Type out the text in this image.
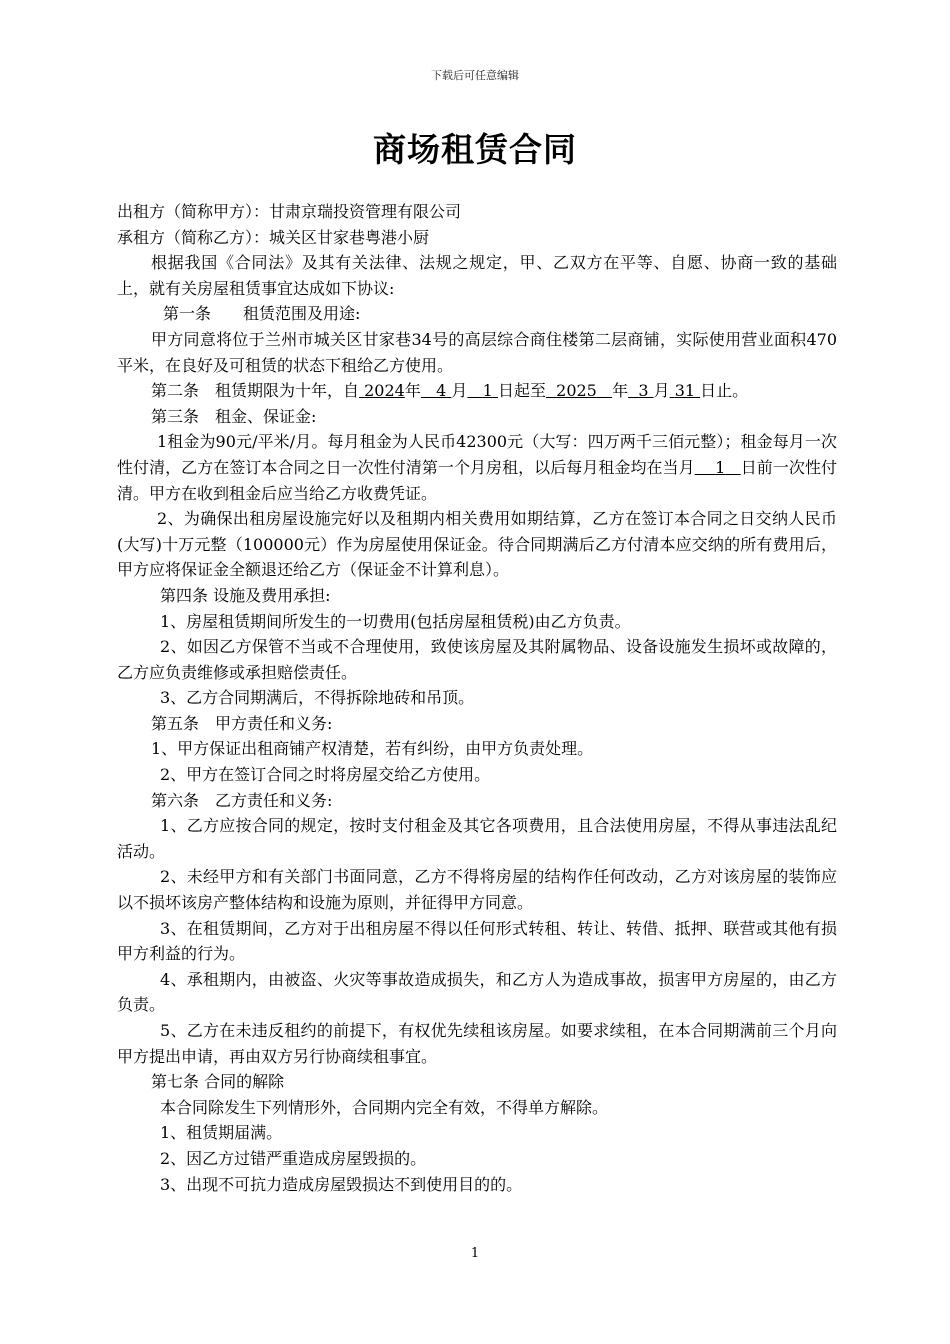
下载后可任意编辑
商场租赁合同

出租方（简称甲方）：甘肃京瑞投资管理有限公司

承租方（简称乙方）：城关区甘家巷粤港小厨

根据我国《合同法》及其有关法律、法规之规定，甲、乙双方在平等、自愿、协商一致的基础上，就有关房屋租赁事宜达成如下协议:

第一条　　租赁范围及用途:

甲方同意将位于兰州市城关区甘家巷34号的高层综合商住楼第二层商铺，实际使用营业面积470平米，在良好及可租赁的状态下租给乙方使用。

第二条　租赁期限为十年，自 2024年 4 月 1 日起至 2025 年 3 月 31 日止。

第三条　租金、保证金:

1租金为90元/平米/月。每月租金为人民币42300元（大写：四万两千三佰元整）；租金每月一次性付清，乙方在签订本合同之日一次性付清第一个月房租，以后每月租金均在当月 1 日前一次性付清。甲方在收到租金后应当给乙方收费凭证。

2、为确保出租房屋设施完好以及租期内相关费用如期结算，乙方在签订本合同之日交纳人民币(大写)十万元整（100000元）作为房屋使用保证金。待合同期满后乙方付清本应交纳的所有费用后，甲方应将保证金全额退还给乙方（保证金不计算利息）。

第四条 设施及费用承担:

1、房屋租赁期间所发生的一切费用(包括房屋租赁税)由乙方负责。

2、如因乙方保管不当或不合理使用，致使该房屋及其附属物品、设备设施发生损坏或故障的，乙方应负责维修或承担赔偿责任。

3、乙方合同期满后，不得拆除地砖和吊顶。

第五条　甲方责任和义务:

1、甲方保证出租商铺产权清楚，若有纠纷，由甲方负责处理。

2、甲方在签订合同之时将房屋交给乙方使用。

第六条　乙方责任和义务:

1、乙方应按合同的规定，按时支付租金及其它各项费用，且合法使用房屋，不得从事违法乱纪活动。

2、未经甲方和有关部门书面同意，乙方不得将房屋的结构作任何改动，乙方对该房屋的装饰应以不损坏该房产整体结构和设施为原则，并征得甲方同意。

3、在租赁期间，乙方对于出租房屋不得以任何形式转租、转让、转借、抵押、联营或其他有损甲方利益的行为。

4、承租期内，由被盗、火灾等事故造成损失，和乙方人为造成事故，损害甲方房屋的，由乙方负责。

5、乙方在未违反租约的前提下，有权优先续租该房屋。如要求续租，在本合同期满前三个月向甲方提出申请，再由双方另行协商续租事宜。

第七条 合同的解除

本合同除发生下列情形外，合同期内完全有效，不得单方解除。

1、租赁期届满。

2、因乙方过错严重造成房屋毁损的。

3、出现不可抗力造成房屋毁损达不到使用目的的。

1
